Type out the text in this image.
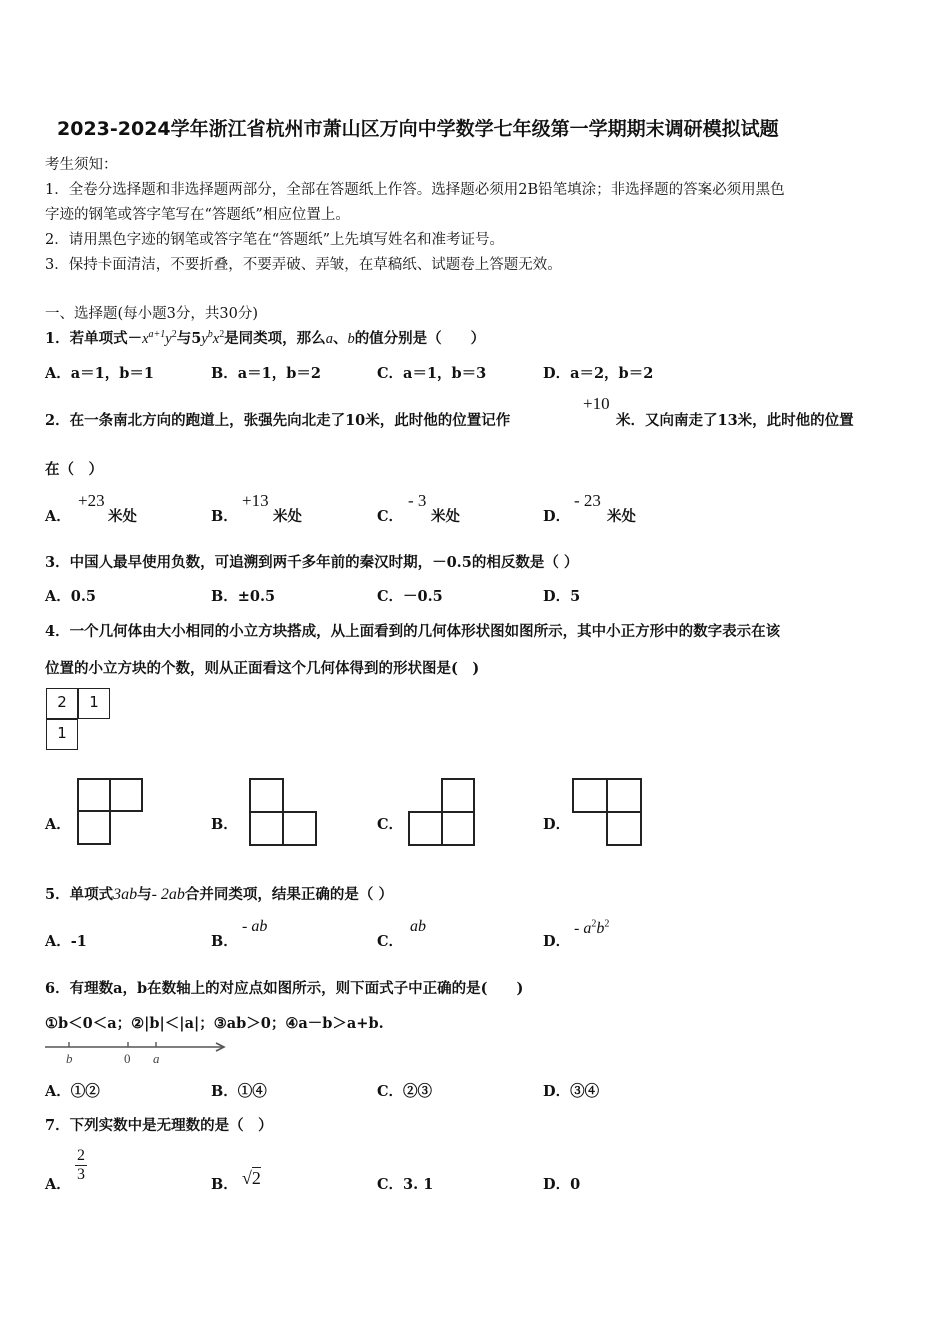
2023-2024学年浙江省杭州市萧山区万向中学数学七年级第一学期期末调研模拟试题
考生须知：
1．全卷分选择题和非选择题两部分，全部在答题纸上作答。选择题必须用2B铅笔填涂；非选择题的答案必须用黑色
字迹的钢笔或答字笔写在“答题纸”相应位置上。
2．请用黑色字迹的钢笔或答字笔在“答题纸”上先填写姓名和准考证号。
3．保持卡面清洁，不要折叠，不要弄破、弄皱，在草稿纸、试题卷上答题无效。
一、选择题(每小题3分，共30分)
1．若单项式$-x^{a+1}y^2$与$5y^bx^2$是同类项，那么a、b的值分别是（　　）
A．a＝1，b＝1	B．a＝1，b＝2	C．a＝1，b＝3	D．a＝2，b＝2
2．在一条南北方向的跑道上，张强先向北走了10米，此时他的位置记作
+10
米．又向南走了13米，此时他的位置
在（　）
A．
+23
米处	B．
+13
米处	C．
- 3
米处	D．
- 23
米处
3．中国人最早使用负数，可追溯到两千多年前的秦汉时期，－0.5的相反数是（ ）
A．0.5	B．±0.5	C．－0.5	D．5
4．一个几何体由大小相同的小立方块搭成，从上面看到的几何体形状图如图所示，其中小正方形中的数字表示在该
位置的小立方块的个数，则从正面看这个几何体得到的形状图是(　)
2	1
1
A．	B．	C．	D．
5．单项式3ab与- 2ab合并同类项，结果正确的是（ ）
A．-1	B．
- ab
C．
ab
D．
- $a^2b^2$
6．有理数a，b在数轴上的对应点如图所示，则下面式子中正确的是(　　)
①b＜0＜a；②|b|＜|a|；③ab＞0；④a－b＞a+b.
b	0 a
A．①②	B．①④	C．②③	D．③④
7．下列实数中是无理数的是（　）
A．
$\frac{2}{3}$
B． √2	C．3. 1	D．0
